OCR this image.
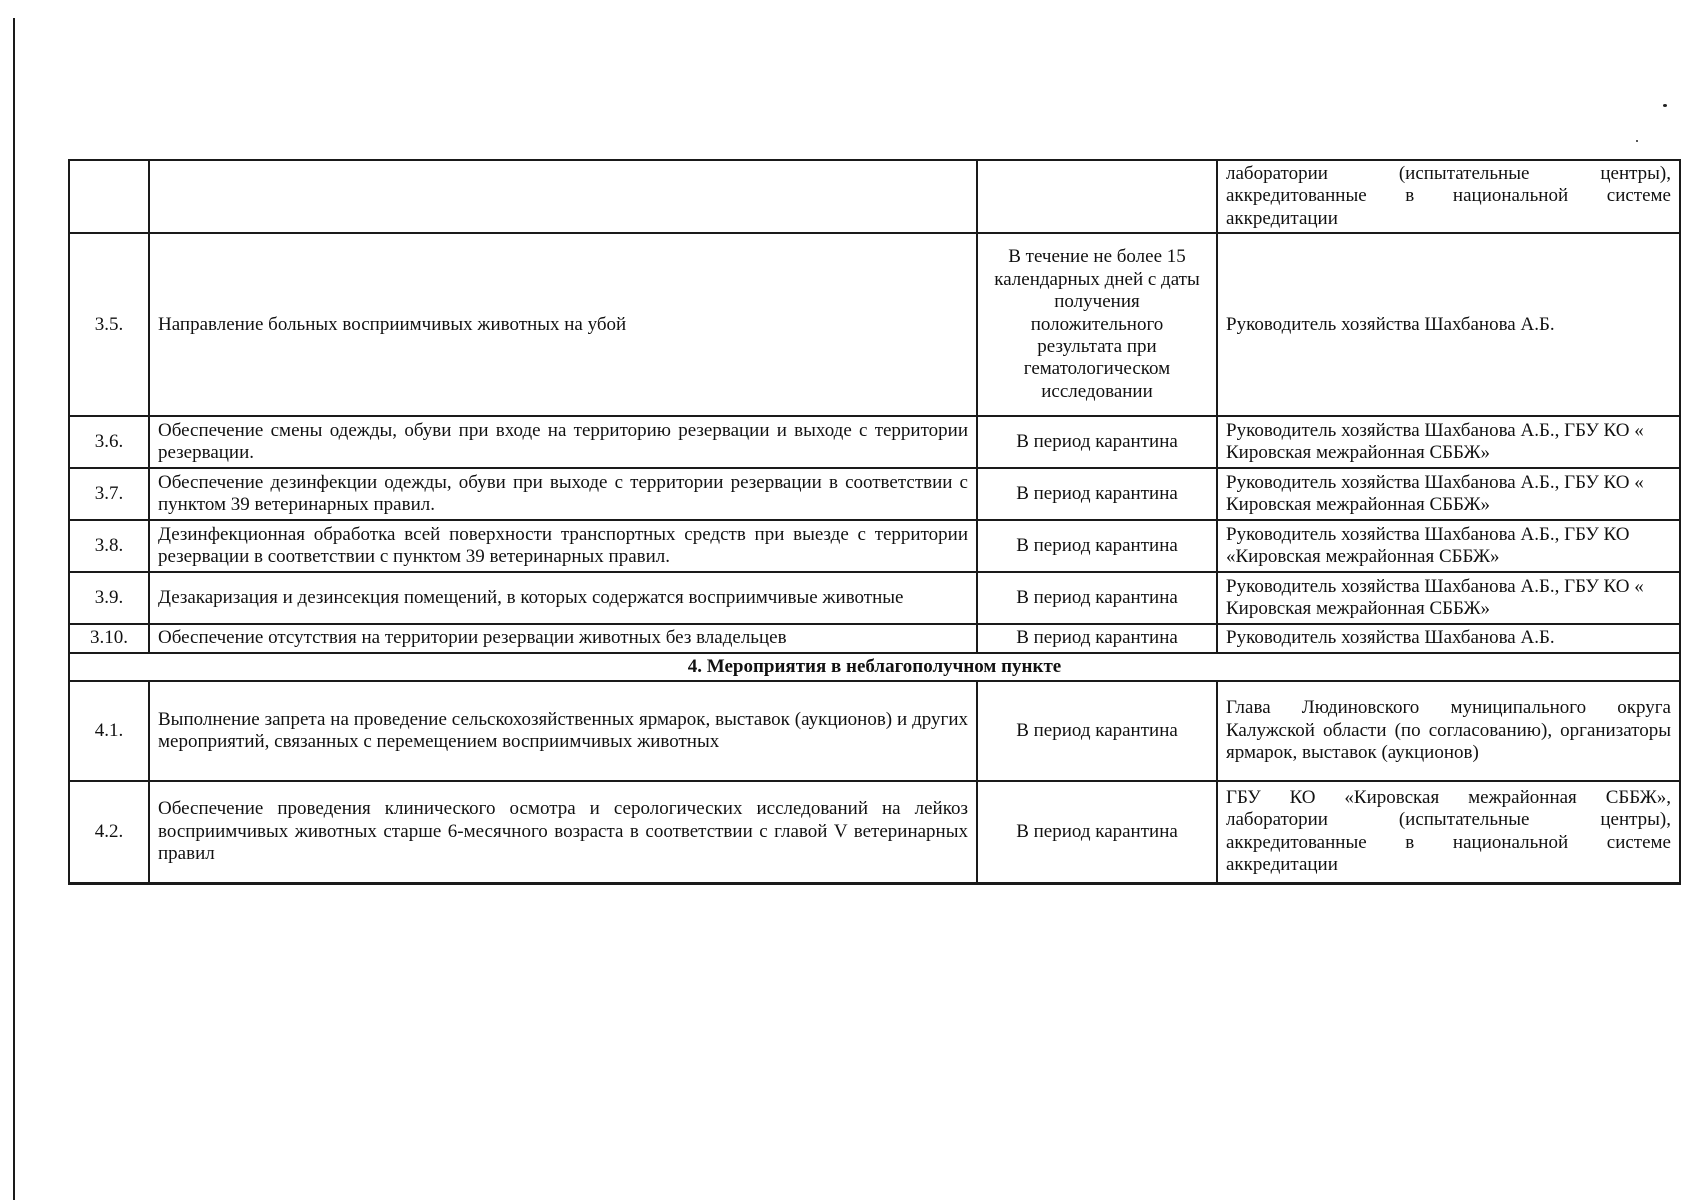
			лаборатории (испытательные центры), аккредитованные в национальной системе аккредитации
3.5.	Направление больных восприимчивых животных на убой	В течение не более 15 календарных дней с даты получения положительного результата при гематологическом исследовании	Руководитель хозяйства Шахбанова А.Б.
3.6.	Обеспечение смены одежды, обуви при входе на территорию резервации и выходе с территории резервации.	В период карантина	Руководитель хозяйства Шахбанова А.Б., ГБУ КО « Кировская межрайонная СББЖ»
3.7.	Обеспечение дезинфекции одежды, обуви при выходе с территории резервации в соответствии с пунктом 39 ветеринарных правил.	В период карантина	Руководитель хозяйства Шахбанова А.Б., ГБУ КО « Кировская межрайонная СББЖ»
3.8.	Дезинфекционная обработка всей поверхности транспортных средств при выезде с территории резервации в соответствии с пунктом 39 ветеринарных правил.	В период карантина	Руководитель хозяйства Шахбанова А.Б., ГБУ КО «Кировская межрайонная СББЖ»
3.9.	Дезакаризация и дезинсекция помещений, в которых содержатся восприимчивые животные	В период карантина	Руководитель хозяйства Шахбанова А.Б., ГБУ КО « Кировская межрайонная СББЖ»
3.10.	Обеспечение отсутствия на территории резервации животных без владельцев	В период карантина	Руководитель хозяйства Шахбанова А.Б.
4. Мероприятия в неблагополучном пункте			
4.1.	Выполнение запрета на проведение сельскохозяйственных ярмарок, выставок (аукционов) и других мероприятий, связанных с перемещением восприимчивых животных	В период карантина	Глава Людиновского муниципального округа Калужской области (по согласованию), организаторы ярмарок, выставок (аукционов)
4.2.	Обеспечение проведения клинического осмотра и серологических исследований на лейкоз восприимчивых животных старше 6-месячного возраста в соответствии с главой V ветеринарных правил	В период карантина	ГБУ КО «Кировская межрайонная СББЖ», лаборатории (испытательные центры), аккредитованные в национальной системе аккредитации
